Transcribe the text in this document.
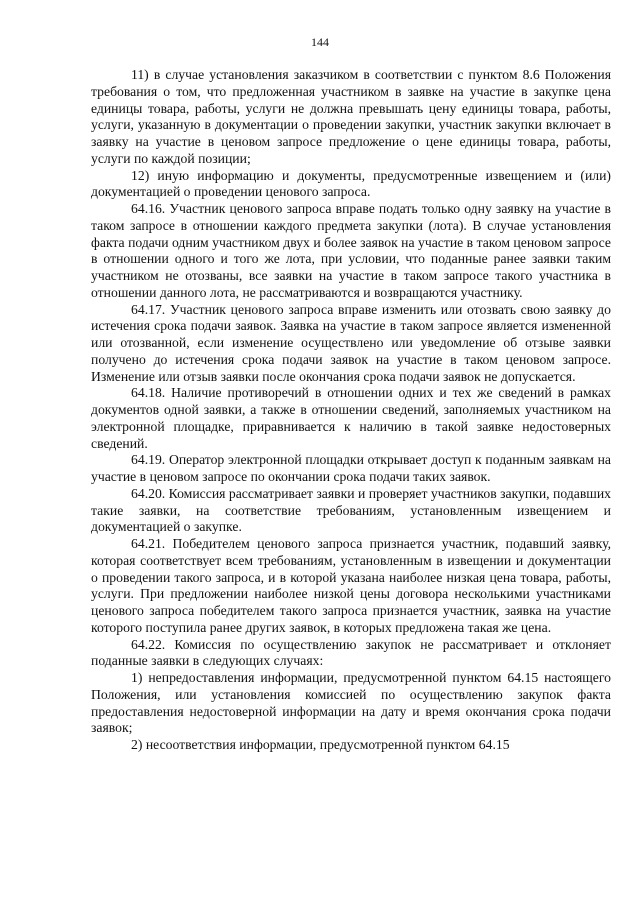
144

11) в случае установления заказчиком в соответствии с пунктом 8.6 Положения требования о том, что предложенная участником в заявке на участие в закупке цена единицы товара, работы, услуги не должна превышать цену единицы товара, работы, услуги, указанную в документации о проведении закупки, участник закупки включает в заявку на участие в ценовом запросе предложение о цене единицы товара, работы, услуги по каждой позиции;

12) иную информацию и документы, предусмотренные извещением и (или) документацией о проведении ценового запроса.

64.16. Участник ценового запроса вправе подать только одну заявку на участие в таком запросе в отношении каждого предмета закупки (лота). В случае установления факта подачи одним участником двух и более заявок на участие в таком ценовом запросе в отношении одного и того же лота, при условии, что поданные ранее заявки таким участником не отозваны, все заявки на участие в таком запросе такого участника в отношении данного лота, не рассматриваются и возвращаются участнику.

64.17. Участник ценового запроса вправе изменить или отозвать свою заявку до истечения срока подачи заявок. Заявка на участие в таком запросе является измененной или отозванной, если изменение осуществлено или уведомление об отзыве заявки получено до истечения срока подачи заявок на участие в таком ценовом запросе. Изменение или отзыв заявки после окончания срока подачи заявок не допускается.

64.18. Наличие противоречий в отношении одних и тех же сведений в рамках документов одной заявки, а также в отношении сведений, заполняемых участником на электронной площадке, приравнивается к наличию в такой заявке недостоверных сведений.

64.19. Оператор электронной площадки открывает доступ к поданным заявкам на участие в ценовом запросе по окончании срока подачи таких заявок.

64.20. Комиссия рассматривает заявки и проверяет участников закупки, подавших такие заявки, на соответствие требованиям, установленным извещением и документацией о закупке.

64.21. Победителем ценового запроса признается участник, подавший заявку, которая соответствует всем требованиям, установленным в извещении и документации о проведении такого запроса, и в которой указана наиболее низкая цена товара, работы, услуги. При предложении наиболее низкой цены договора несколькими участниками ценового запроса победителем такого запроса признается участник, заявка на участие которого поступила ранее других заявок, в которых предложена такая же цена.

64.22. Комиссия по осуществлению закупок не рассматривает и отклоняет поданные заявки в следующих случаях:

1) непредоставления информации, предусмотренной пунктом 64.15 настоящего Положения, или установления комиссией по осуществлению закупок факта предоставления недостоверной информации на дату и время окончания срока подачи заявок;

2) несоответствия информации, предусмотренной пунктом 64.15
